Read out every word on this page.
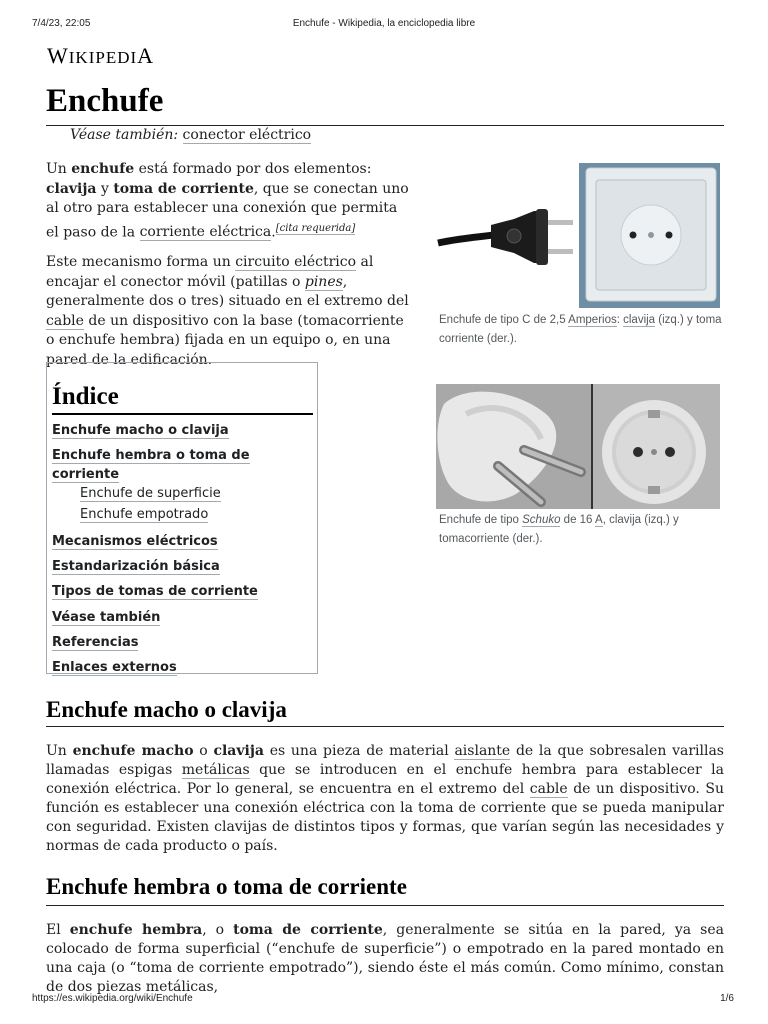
7/4/23, 22:05	Enchufe - Wikipedia, la enciclopedia libre
WIKIPEDIA
Enchufe
Véase también: conector eléctrico

Un enchufe está formado por dos elementos: clavija y toma de corriente, que se conectan uno al otro para establecer una conexión que permita el paso de la corriente eléctrica.[cita requerida]

Este mecanismo forma un circuito eléctrico al encajar el conector móvil (patillas o pines, generalmente dos o tres) situado en el extremo del cable de un dispositivo con la base (tomacorriente o enchufe hembra) fijada en un equipo o, en una pared de la edificación.

Enchufe de tipo C de 2,5 Amperios: clavija (izq.) y toma corriente (der.).
Enchufe de tipo Schuko de 16 A, clavija (izq.) y tomacorriente (der.).
Índice
Enchufe macho o clavija
Enchufe hembra o toma de corriente
Enchufe de superficie
Enchufe empotrado
Mecanismos eléctricos
Estandarización básica
Tipos de tomas de corriente
Véase también
Referencias
Enlaces externos
Enchufe macho o clavija

Un enchufe macho o clavija es una pieza de material aislante de la que sobresalen varillas llamadas espigas metálicas que se introducen en el enchufe hembra para establecer la conexión eléctrica. Por lo general, se encuentra en el extremo del cable de un dispositivo. Su función es establecer una conexión eléctrica con la toma de corriente que se pueda manipular con seguridad. Existen clavijas de distintos tipos y formas, que varían según las necesidades y normas de cada producto o país.

Enchufe hembra o toma de corriente

El enchufe hembra, o toma de corriente, generalmente se sitúa en la pared, ya sea colocado de forma superficial (“enchufe de superficie”) o empotrado en la pared montado en una caja (o “toma de corriente empotrado”), siendo éste el más común. Como mínimo, constan de dos piezas metálicas,

https://es.wikipedia.org/wiki/Enchufe	1/6
